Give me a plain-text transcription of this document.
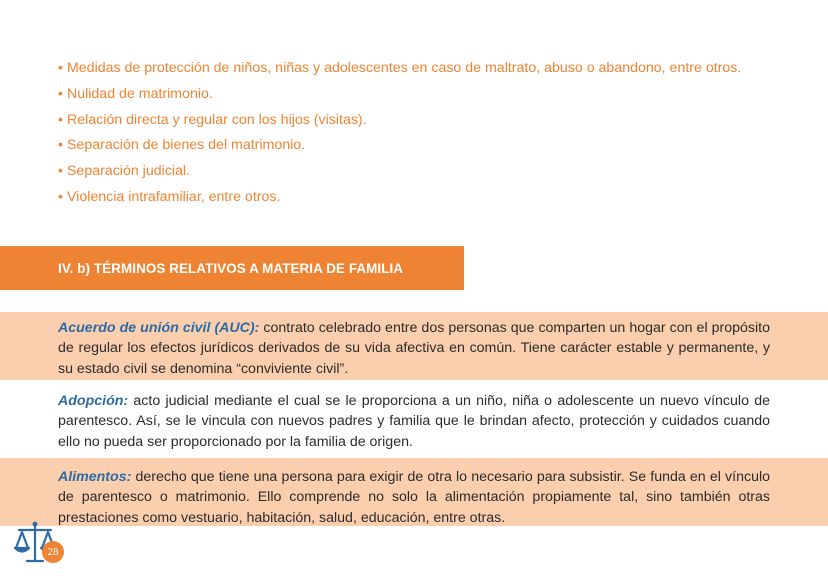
• Medidas de protección de niños, niñas y adolescentes en caso de maltrato, abuso o abandono, entre otros.
• Nulidad de matrimonio.
• Relación directa y regular con los hijos (visitas).
• Separación de bienes del matrimonio.
• Separación judicial.
• Violencia intrafamiliar, entre otros.
IV. b) TÉRMINOS RELATIVOS A MATERIA DE FAMILIA

Acuerdo de unión civil (AUC): contrato celebrado entre dos personas que comparten un hogar con el propósito de regular los efectos jurídicos derivados de su vida afectiva en común. Tiene carácter estable y permanente, y su estado civil se denomina “conviviente civil”.

Adopción: acto judicial mediante el cual se le proporciona a un niño, niña o adolescente un nuevo vínculo de parentesco. Así, se le vincula con nuevos padres y familia que le brindan afecto, protección y cuidados cuando ello no pueda ser proporcionado por la familia de origen.

Alimentos: derecho que tiene una persona para exigir de otra lo necesario para subsistir. Se funda en el vínculo de parentesco o matrimonio. Ello comprende no solo la alimentación propiamente tal, sino también otras prestaciones como vestuario, habitación, salud, educación, entre otras.

28
